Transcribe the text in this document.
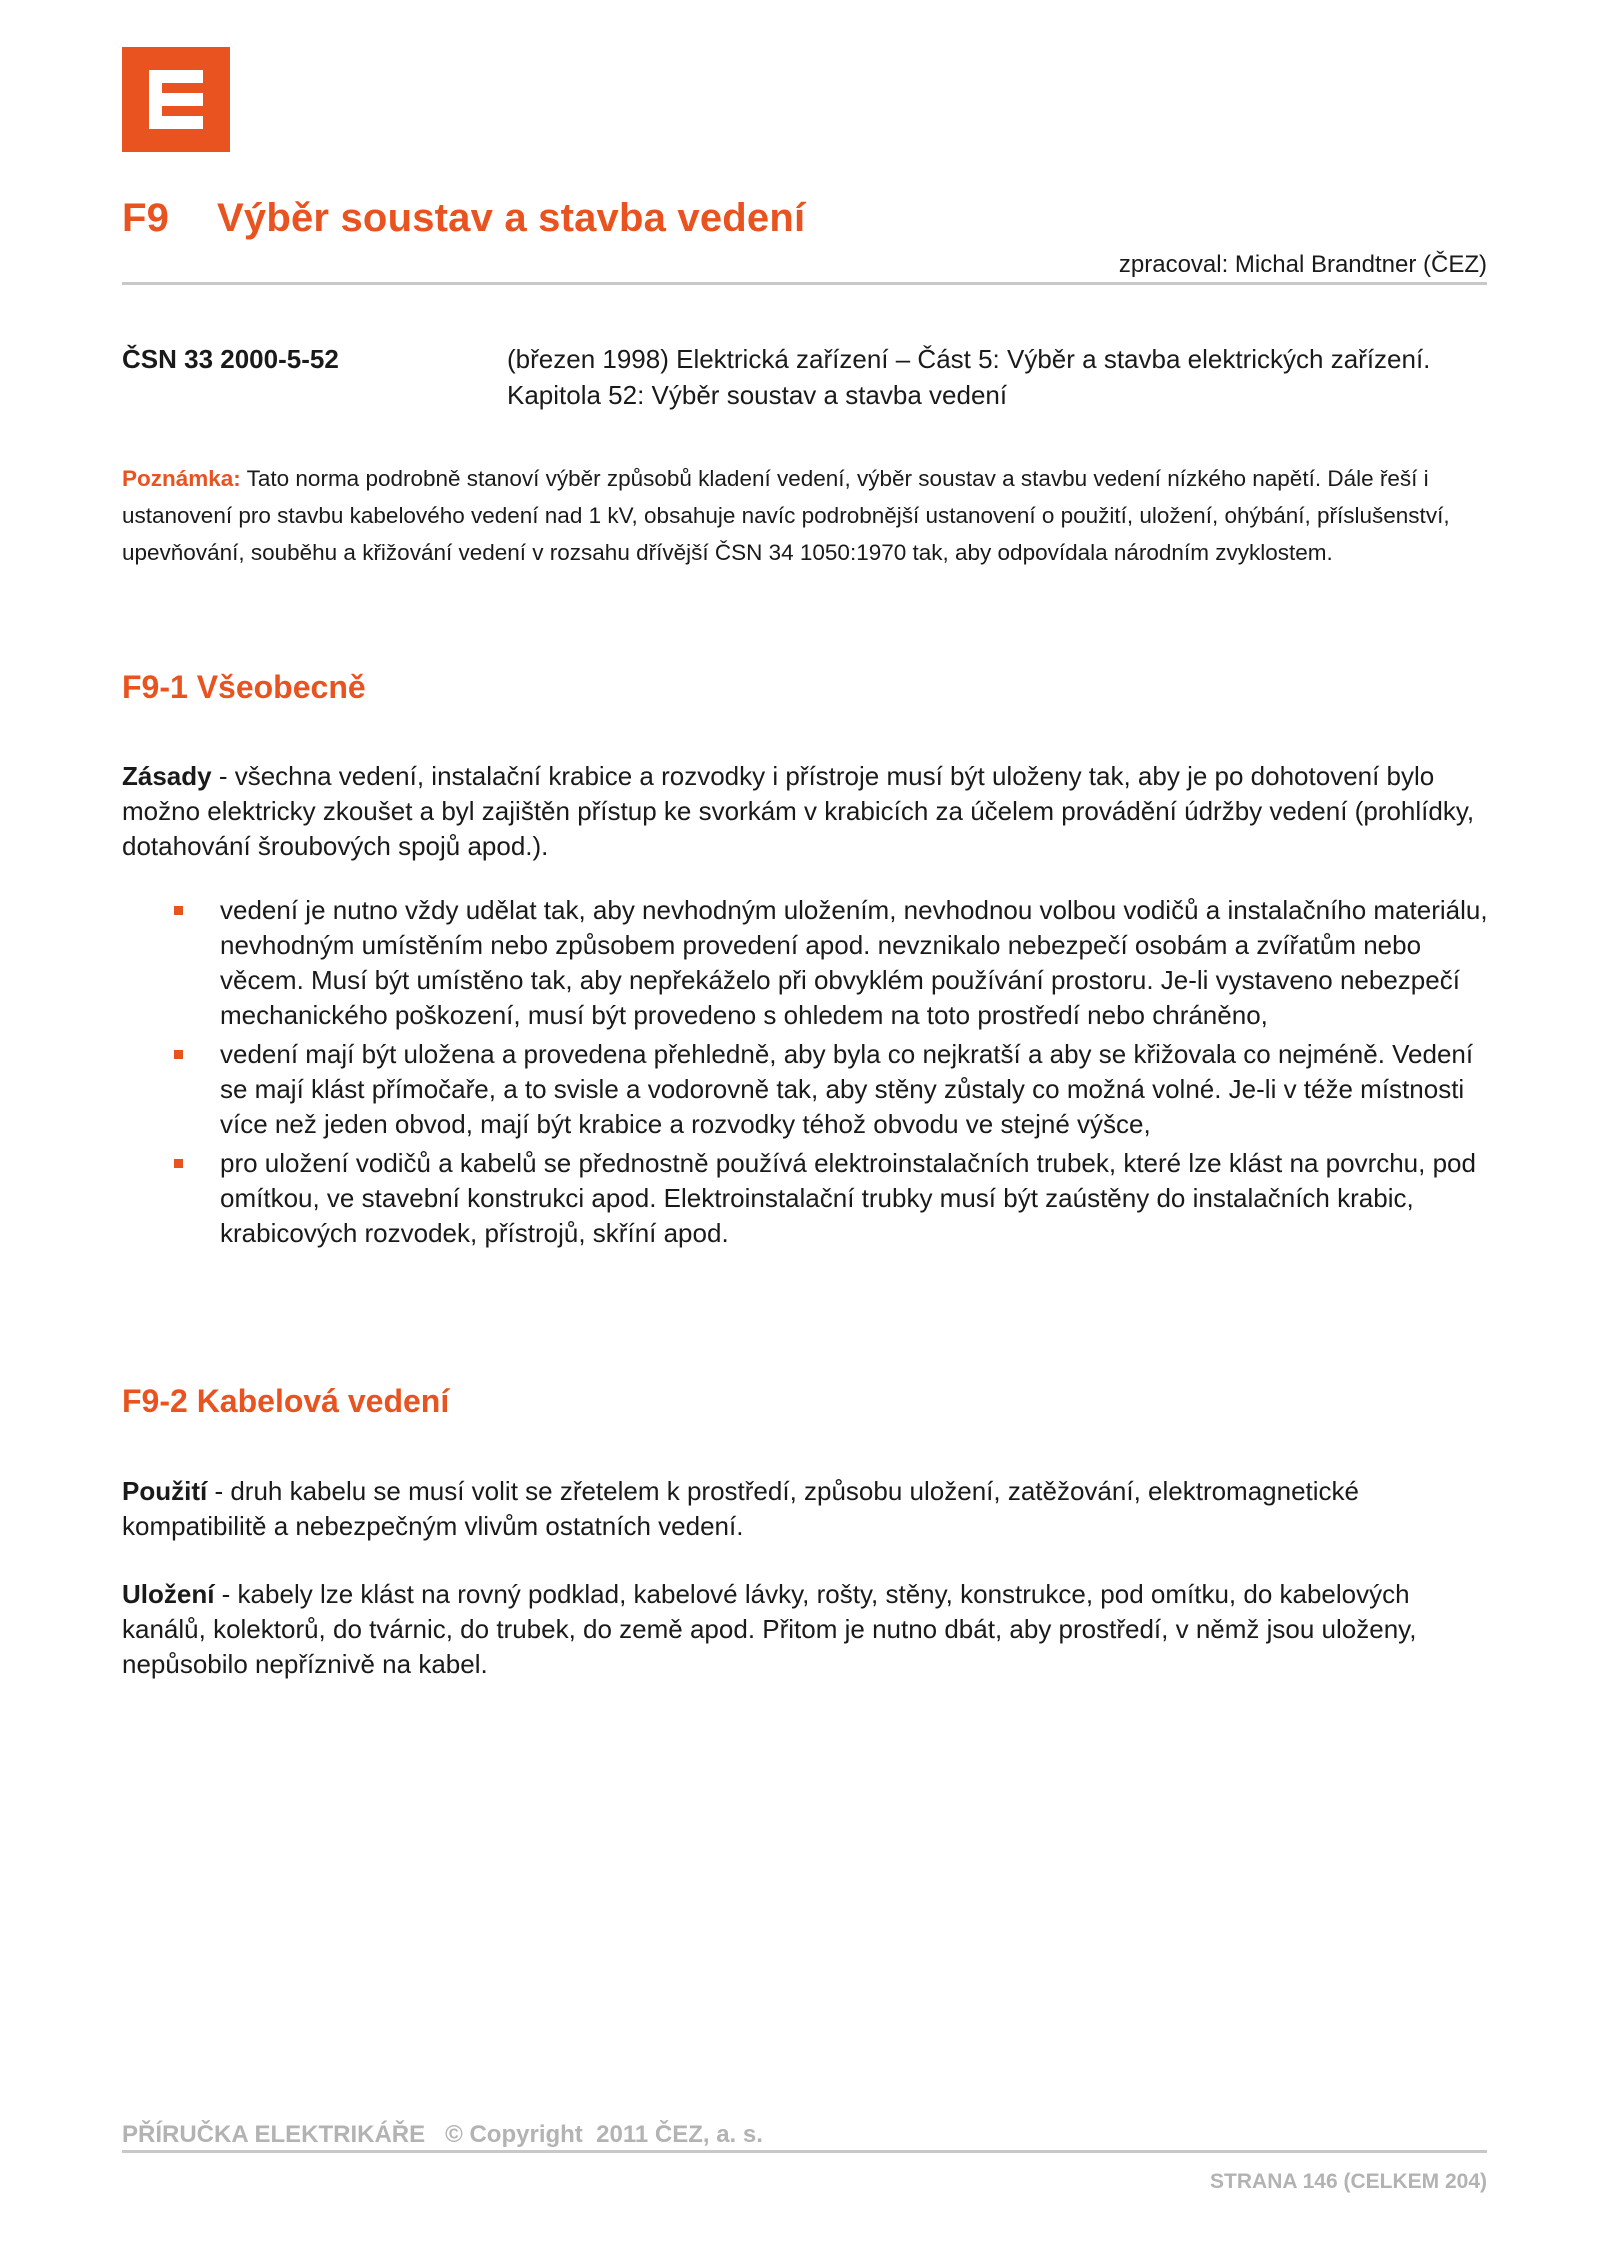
F9 Výběr soustav a stavba vedení
zpracoval: Michal Brandtner (ČEZ)
ČSN 33 2000-5-52	(březen 1998) Elektrická zařízení – Část 5: Výběr a stavba elektrických zařízení. Kapitola 52: Výběr soustav a stavba vedení
Poznámka: Tato norma podrobně stanoví výběr způsobů kladení vedení, výběr soustav a stavbu vedení nízkého napětí. Dále řeší i ustanovení pro stavbu kabelového vedení nad 1 kV, obsahuje navíc podrobnější ustanovení o použití, uložení, ohýbání, příslušenství, upevňování, souběhu a křižování vedení v rozsahu dřívější ČSN 34 1050:1970 tak, aby odpovídala národním zvyklostem.
F9-1 Všeobecně
Zásady - všechna vedení, instalační krabice a rozvodky i přístroje musí být uloženy tak, aby je po dohotovení bylo možno elektricky zkoušet a byl zajištěn přístup ke svorkám v krabicích za účelem provádění údržby vedení (prohlídky, dotahování šroubových spojů apod.).
vedení je nutno vždy udělat tak, aby nevhodným uložením, nevhodnou volbou vodičů a instalačního materiálu, nevhodným umístěním nebo způsobem provedení apod. nevznikalo nebezpečí osobám a zvířatům nebo věcem. Musí být umístěno tak, aby nepřekáželo při obvyklém používání prostoru. Je-li vystaveno nebezpečí mechanického poškození, musí být provedeno s ohledem na toto prostředí nebo chráněno,
vedení mají být uložena a provedena přehledně, aby byla co nejkratší a aby se křižovala co nejméně. Vedení se mají klást přímočaře, a to svisle a vodorovně tak, aby stěny zůstaly co možná volné. Je-li v téže místnosti více než jeden obvod, mají být krabice a rozvodky téhož obvodu ve stejné výšce,
pro uložení vodičů a kabelů se přednostně používá elektroinstalačních trubek, které lze klást na povrchu, pod omítkou, ve stavební konstrukci apod. Elektroinstalační trubky musí být zaústěny do instalačních krabic, krabicových rozvodek, přístrojů, skříní apod.
F9-2 Kabelová vedení
Použití - druh kabelu se musí volit se zřetelem k prostředí, způsobu uložení, zatěžování, elektromagnetické kompatibilitě a nebezpečným vlivům ostatních vedení.
Uložení - kabely lze klást na rovný podklad, kabelové lávky, rošty, stěny, konstrukce, pod omítku, do kabelových kanálů, kolektorů, do tvárnic, do trubek, do země apod. Přitom je nutno dbát, aby prostředí, v němž jsou uloženy, nepůsobilo nepříznivě na kabel.
PŘÍRUČKA ELEKTRIKÁŘE   © Copyright  2011 ČEZ, a. s.
STRANA 146 (CELKEM 204)
